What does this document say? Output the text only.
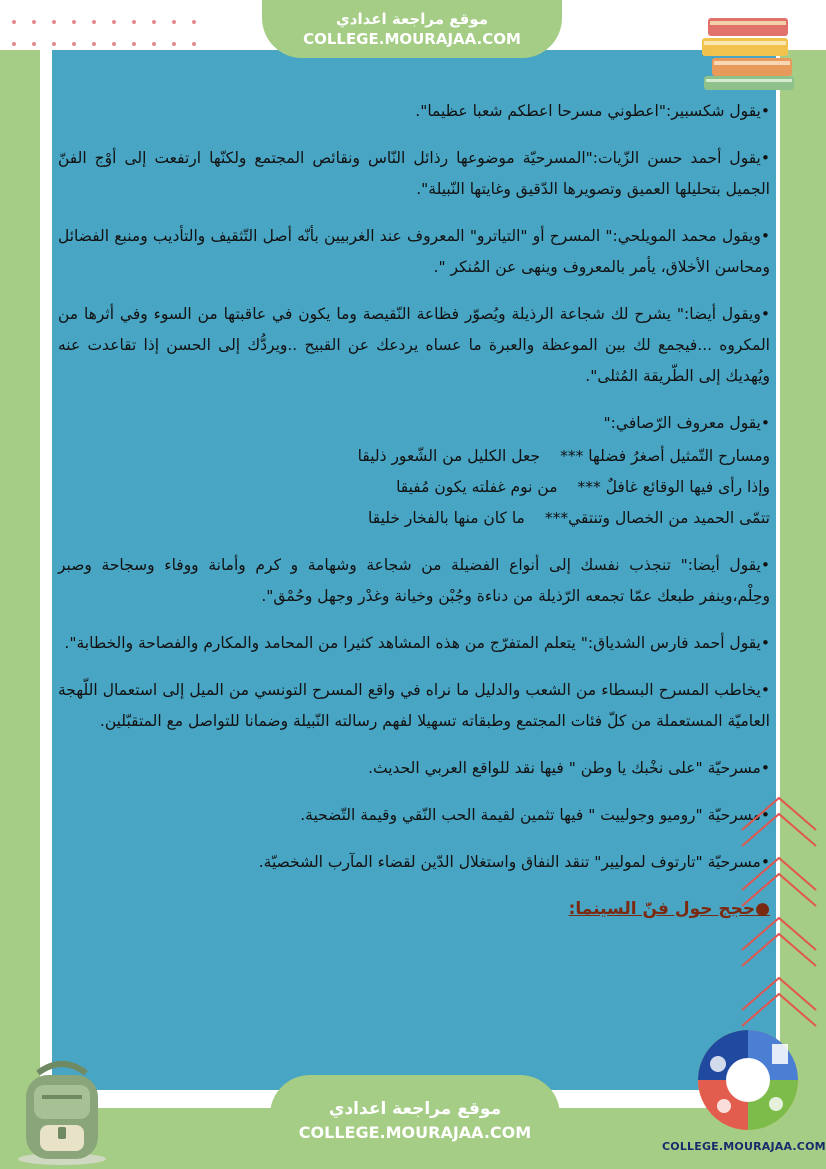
موقع مراجعة اعدادي
COLLEGE.MOURAJAA.COM

•يقول شكسبير:"اعطوني مسرحا اعطكم شعبا عظيما".

•يقول أحمد حسن الزّيات:"المسرحيّة موضوعها رذائل النّاس ونقائص المجتمع ولكنّها ارتفعت إلى أوْج الفنّ الجميل بتحليلها العميق وتصويرها الدّقيق وغايتها النّبيلة".

•ويقول محمد المويلحي:" المسرح أو "التياترو" المعروف عند الغربيين بأنّه أصل التّثقيف والتأديب ومنبع الفضائل ومحاسن الأخلاق، يأمر بالمعروف وينهى عن المُنكر ".

•ويقول أيضا:" يشرح لك شجاعة الرذيلة ويُصوّر فظاعة النّقيصة وما يكون في عاقبتها من السوء وفي أثرها من المكروه ...فيجمع لك بين الموعظة والعبرة ما عساه يردعك عن القبيح ..ويردُّك إلى الحسن إذا تقاعدت عنه ويُهديك إلى الطّريقة المُثلى".

•يقول معروف الرّصافي:"

ومسارح التّمثيل أصغرُ فضلها ***
جعل الكليل من الشّعور ذليقا
وإذا رأى فيها الوقائع غافلٌ ***
من نوم غفلته يكون مُفيقا
تتمّى الحميد من الخصال وتنتقي***
ما كان منها بالفخار خليقا

•يقول أيضا:" تنجذب نفسك إلى أنواع الفضيلة من شجاعة وشهامة و كرم وأمانة ووفاء وسجاحة وصبر وحِلْم،وينفر طبعك عمّا تجمعه الرّذيلة من دناءة وجُبْن وخيانة وغدْر وجهل وحُمْق".

•يقول أحمد فارس الشدياق:" يتعلم المتفرّج من هذه المشاهد كثيرا من المحامد والمكارم والفصاحة والخطابة".

•يخاطب المسرح البسطاء من الشعب والدليل ما نراه في واقع المسرح التونسي من الميل إلى استعمال اللّهجة العاميّة المستعملة من كلّ فئات المجتمع وطبقاته تسهيلا لفهم رسالته النّبيلة وضمانا للتواصل مع المتقبّلين.

•مسرحيّة "على نخْبك يا وطن " فيها نقد للواقع العربي الحديث.

•مسرحيّة "روميو وجولييت " فيها تثمين لقيمة الحب النّقي وقيمة التّضحية.

•مسرحيّة "تارتوف لموليير" تنقد النفاق واستغلال الدّين لقضاء المآرب الشخصيّة.

●حجج حول فنّ السينما:

موقع مراجعة اعدادي
COLLEGE.MOURAJAA.COM
COLLEGE.MOURAJAA.COM
